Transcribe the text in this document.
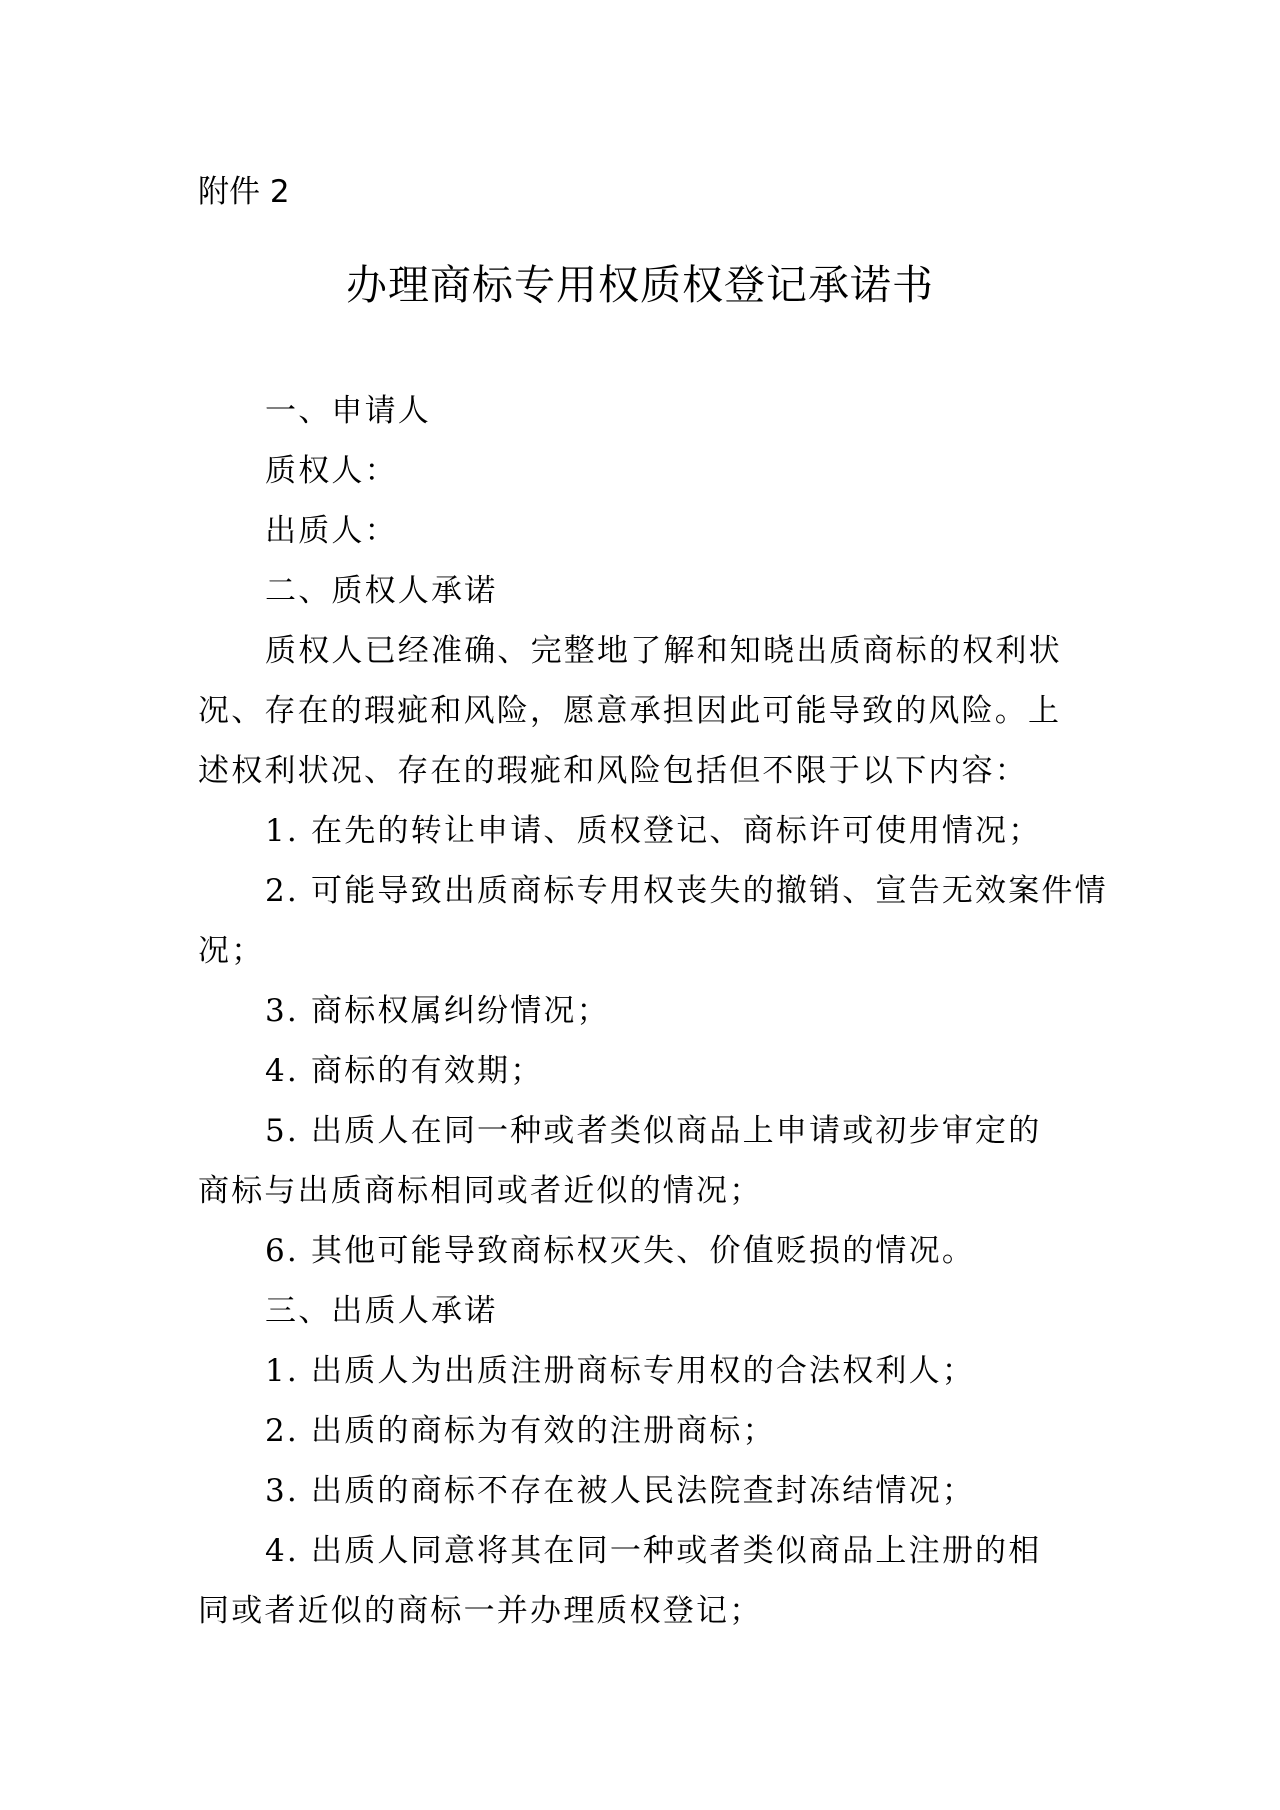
附件 2
办理商标专用权质权登记承诺书
一、申请人
质权人：
出质人：
二、质权人承诺
质权人已经准确、完整地了解和知晓出质商标的权利状
况、存在的瑕疵和风险，愿意承担因此可能导致的风险。上
述权利状况、存在的瑕疵和风险包括但不限于以下内容：
1. 在先的转让申请、质权登记、商标许可使用情况；
2. 可能导致出质商标专用权丧失的撤销、宣告无效案件情
况；
3. 商标权属纠纷情况；
4. 商标的有效期；
5. 出质人在同一种或者类似商品上申请或初步审定的
商标与出质商标相同或者近似的情况；
6. 其他可能导致商标权灭失、价值贬损的情况。
三、出质人承诺
1. 出质人为出质注册商标专用权的合法权利人；
2. 出质的商标为有效的注册商标；
3. 出质的商标不存在被人民法院查封冻结情况；
4. 出质人同意将其在同一种或者类似商品上注册的相
同或者近似的商标一并办理质权登记；
